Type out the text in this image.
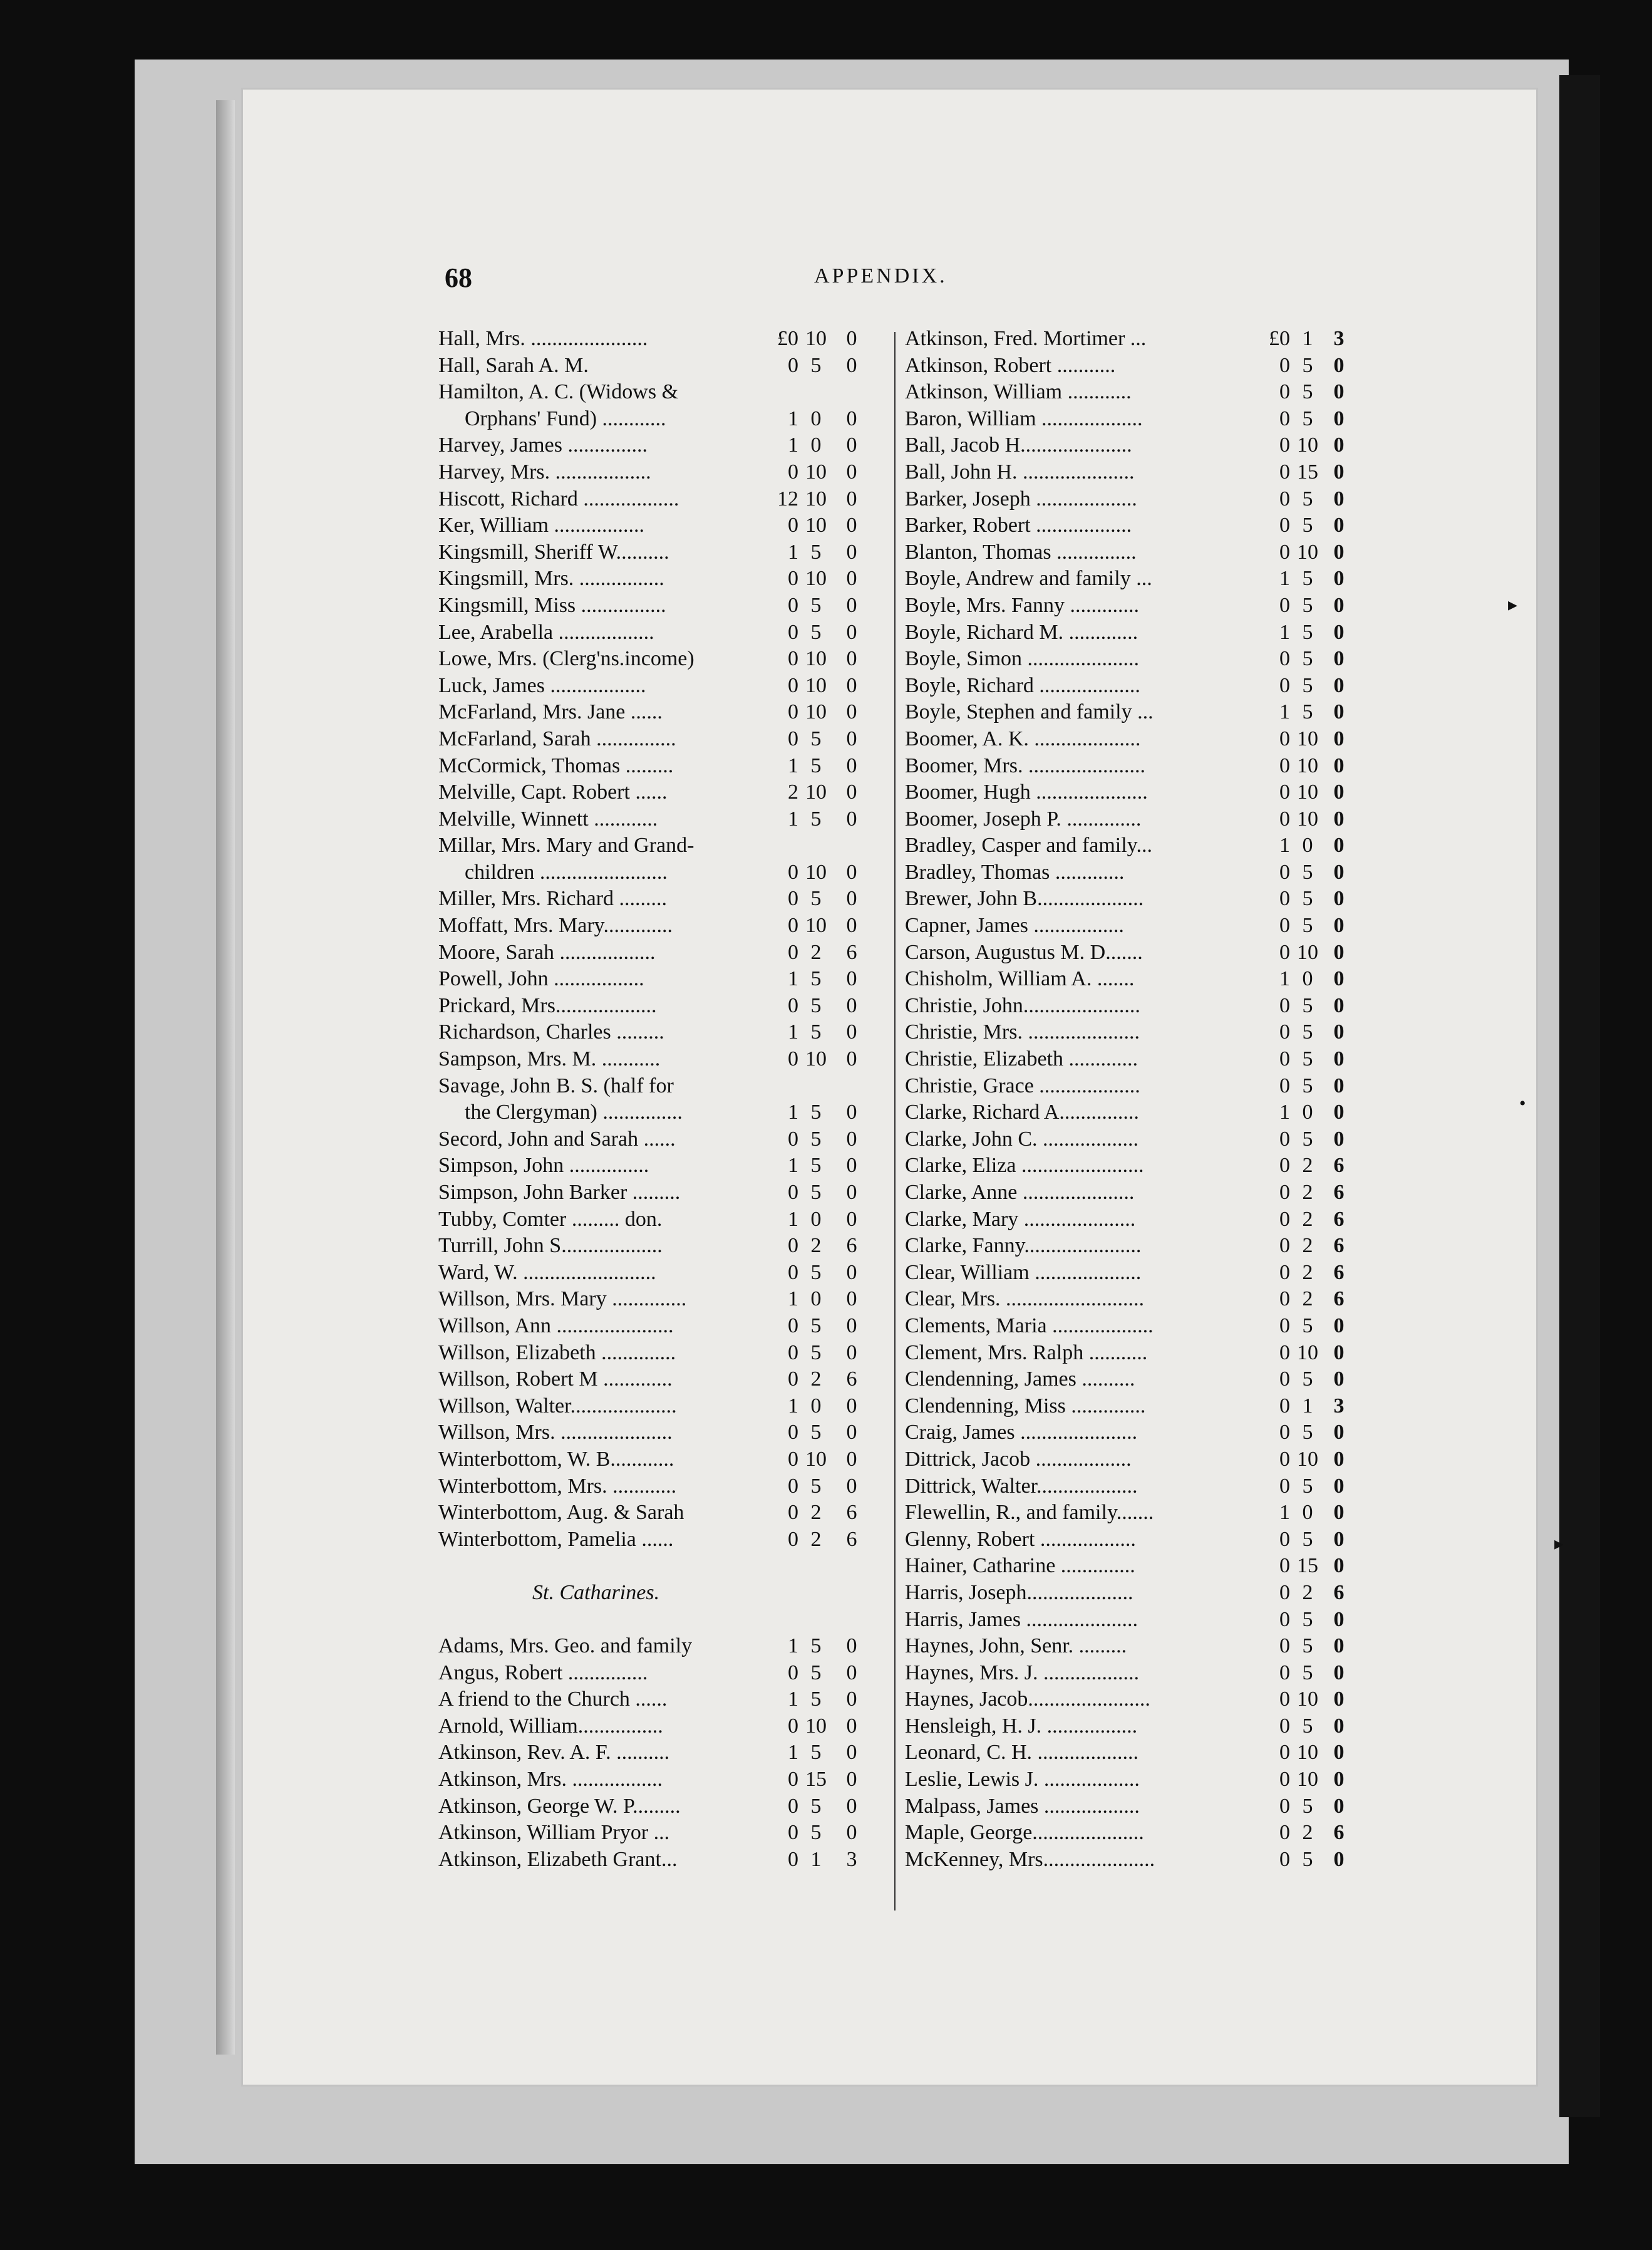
68	APPENDIX.
Hall, Mrs. ......................	£0 10 0
Hall, Sarah A. M.	0 5	0
Hamilton, A. C. (Widows &
Orphans' Fund) ............	1 0	0
Harvey, James ...............	1 0	0
Harvey, Mrs. ..................	0 10 0
Hiscott, Richard ..................	12 10 0
Ker, William .................	0 10 0
Kingsmill, Sheriff W..........	1 5	0
Kingsmill, Mrs. ................	0 10 0
Kingsmill, Miss ................	0 5	0
Lee, Arabella ..................	0 5	0
Lowe, Mrs. (Clerg'ns.income)	0 10 0
Luck, James ..................	0 10 0
McFarland, Mrs. Jane ......	0 10 0
McFarland, Sarah ...............	0 5	0
McCormick, Thomas .........	1 5	0
Melville, Capt. Robert ......	2 10 0
Melville, Winnett ............	1 5	0
Millar, Mrs. Mary and Grand-
children ........................	0 10 0
Miller, Mrs. Richard .........	0 5	0
Moffatt, Mrs. Mary.............	0 10 0
Moore, Sarah ..................	0 2	6
Powell, John .................	1 5	0
Prickard, Mrs...................	0 5	0
Richardson, Charles .........	1 5	0
Sampson, Mrs. M. ...........	0 10 0
Savage, John B. S. (half for
the Clergyman) ...............	1 5	0
Secord, John and Sarah ......	0 5	0
Simpson, John ...............	1 5	0
Simpson, John Barker .........	0 5	0
Tubby, Comter ......... don.	1 0	0
Turrill, John S...................	0 2	6
Ward, W. .........................	0 5	0
Willson, Mrs. Mary ..............	1 0	0
Willson, Ann ......................	0 5	0
Willson, Elizabeth ..............	0 5	0
Willson, Robert M .............	0 2	6
Willson, Walter....................	1 0	0
Willson, Mrs. .....................	0 5	0
Winterbottom, W. B............	0 10 0
Winterbottom, Mrs. ............	0 5	0
Winterbottom, Aug. & Sarah	0 2	6
Winterbottom, Pamelia ......	0 2	6
St. Catharines.
Adams, Mrs. Geo. and family	1 5	0
Angus, Robert ...............	0 5	0
A friend to the Church ......	1 5	0
Arnold, William................	0 10 0
Atkinson, Rev. A. F. ..........	1 5	0
Atkinson, Mrs. .................	0 15 0
Atkinson, George W. P.........	0 5	0
Atkinson, William Pryor ...	0 5	0
Atkinson, Elizabeth Grant...	0 1	3
Atkinson, Fred. Mortimer ...	£0 1 3
Atkinson, Robert ...........	0 5 0
Atkinson, William ............	0 5 0
Baron, William ...................	0 5 0
Ball, Jacob H.....................	0 10 0
Ball, John H. .....................	0 15 0
Barker, Joseph ...................	0 5 0
Barker, Robert ..................	0 5 0
Blanton, Thomas ...............	0 10 0
Boyle, Andrew and family ...	1 5 0
Boyle, Mrs. Fanny .............	0 5 0
Boyle, Richard M. .............	1 5 0
Boyle, Simon .....................	0 5 0
Boyle, Richard ...................	0 5 0
Boyle, Stephen and family ...	1 5 0
Boomer, A. K. ....................	0 10 0
Boomer, Mrs. ......................	0 10 0
Boomer, Hugh .....................	0 10 0
Boomer, Joseph P. ..............	0 10 0
Bradley, Casper and family...	1 0 0
Bradley, Thomas .............	0 5 0
Brewer, John B....................	0 5 0
Capner, James .................	0 5 0
Carson, Augustus M. D.......	0 10 0
Chisholm, William A. .......	1 0 0
Christie, John......................	0 5 0
Christie, Mrs. .....................	0 5 0
Christie, Elizabeth .............	0 5 0
Christie, Grace ...................	0 5 0
Clarke, Richard A...............	1 0 0
Clarke, John C. ..................	0 5 0
Clarke, Eliza .......................	0 2 6
Clarke, Anne .....................	0 2 6
Clarke, Mary .....................	0 2 6
Clarke, Fanny......................	0 2 6
Clear, William ....................	0 2 6
Clear, Mrs. ..........................	0 2 6
Clements, Maria ...................	0 5 0
Clement, Mrs. Ralph ...........	0 10 0
Clendenning, James ..........	0 5 0
Clendenning, Miss ..............	0 1 3
Craig, James ......................	0 5 0
Dittrick, Jacob ..................	0 10 0
Dittrick, Walter...................	0 5 0
Flewellin, R., and family.......	1 0 0
Glenny, Robert ..................	0 5 0
Hainer, Catharine ..............	0 15 0
Harris, Joseph....................	0 2 6
Harris, James .....................	0 5 0
Haynes, John, Senr. .........	0 5 0
Haynes, Mrs. J. ..................	0 5 0
Haynes, Jacob.......................	0 10 0
Hensleigh, H. J. .................	0 5 0
Leonard, C. H. ...................	0 10 0
Leslie, Lewis J. ..................	0 10 0
Malpass, James ..................	0 5 0
Maple, George.....................	0 2 6
McKenney, Mrs.....................	0 5 0
▸
•
▸
